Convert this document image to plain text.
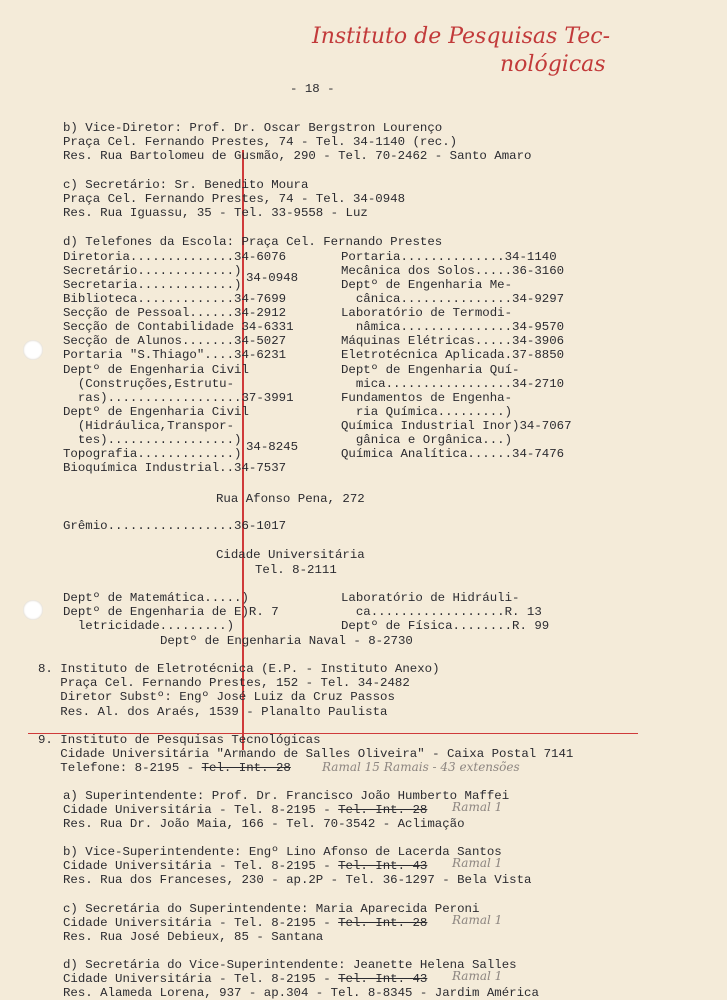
Instituto de Pesquisas Tec-
nológicas
- 18 -
b) Vice-Diretor: Prof. Dr. Oscar Bergstron Lourenço
Praça Cel. Fernando Prestes, 74 - Tel. 34-1140 (rec.)
Res. Rua Bartolomeu de Gusmão, 290 - Tel. 70-2462 - Santo Amaro
c) Secretário: Sr. Benedito Moura
Praça Cel. Fernando Prestes, 74 - Tel. 34-0948
Res. Rua Iguassu, 35 - Tel. 33-9558 - Luz
d) Telefones da Escola: Praça Cel. Fernando Prestes
Diretoria..............34-6076
Secretário.............)
Secretaria.............) 34-0948
Biblioteca.............34-7699
Secção de Pessoal......34-2912
Secção de Contabilidade 34-6331
Secção de Alunos.......34-5027
Portaria "S.Thiago"....34-6231
Deptº de Engenharia Civil
(Construções,Estrutu-
ras)..................37-3991
Deptº de Engenharia Civil
(Hidráulica,Transpor-
tes).................) 34-8245
Topografia.............)
Bioquímica Industrial..34-7537
Portaria..............34-1140
Mecânica dos Solos.....36-3160
Deptº de Engenharia Me-
cânica...............34-9297
Laboratório de Termodi-
nâmica...............34-9570
Máquinas Elétricas.....34-3906
Eletrotécnica Aplicada.37-8850
Deptº de Engenharia Quí-
mica.................34-2710
Fundamentos de Engenha-
ria Química.........)
Química Industrial Inor)34-7067
gânica e Orgânica...)
Química Analítica......34-7476
Rua Afonso Pena, 272
Grêmio.................36-1017
Cidade Universitária
Tel. 8-2111
Deptº de Matemática.....)	Laboratório de Hidráuli-
Deptº de Engenharia de E)R. 7	ca..................R. 13
letricidade.........)	Deptº de Física........R. 99
Deptº de Engenharia Naval - 8-2730
8. Instituto de Eletrotécnica (E.P. - Instituto Anexo)
Praça Cel. Fernando Prestes, 152 - Tel. 34-2482
Diretor Substº: Engº José Luiz da Cruz Passos
Res. Al. dos Araés, 1539 - Planalto Paulista
9. Instituto de Pesquisas Tecnológicas
Cidade Universitária "Armando de Salles Oliveira" - Caixa Postal 7141
Telefone: 8-2195 - Tel. Int. 28	Ramal 15 Ramais - 43 extensões
a) Superintendente: Prof. Dr. Francisco João Humberto Maffei
Cidade Universitária - Tel. 8-2195 - Tel. Int. 28 Ramal 1
Res. Rua Dr. João Maia, 166 - Tel. 70-3542 - Aclimação
b) Vice-Superintendente: Engº Lino Afonso de Lacerda Santos
Cidade Universitária - Tel. 8-2195 - Tel. Int. 43 Ramal 1
Res. Rua dos Franceses, 230 - ap.2P - Tel. 36-1297 - Bela Vista
c) Secretária do Superintendente: Maria Aparecida Peroni
Cidade Universitária - Tel. 8-2195 - Tel. Int. 28 Ramal 1
Res. Rua José Debieux, 85 - Santana
d) Secretária do Vice-Superintendente: Jeanette Helena Salles
Cidade Universitária - Tel. 8-2195 - Tel. Int. 43 Ramal 1
Res. Alameda Lorena, 937 - ap.304 - Tel. 8-8345 - Jardim América
